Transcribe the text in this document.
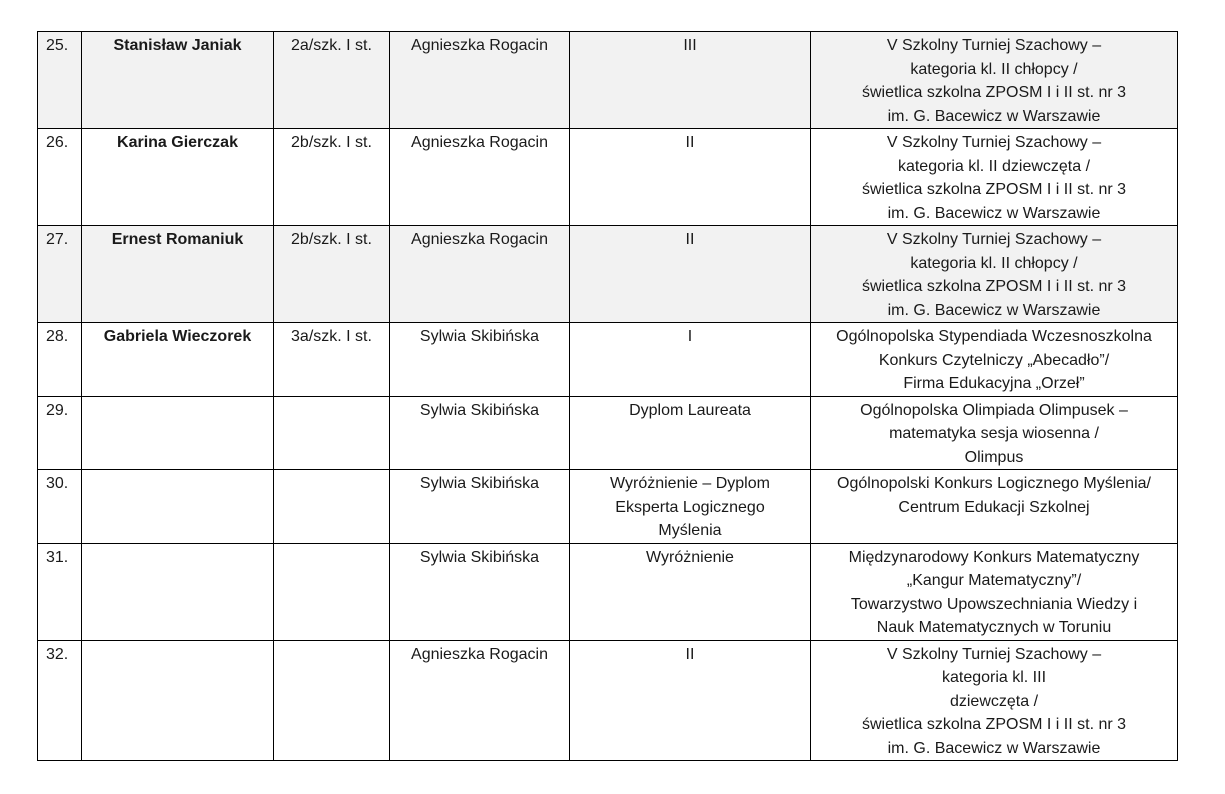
25.	Stanisław Janiak	2a/szk. I st.	Agnieszka Rogacin	III	V Szkolny Turniej Szachowy –
kategoria kl. II chłopcy /
świetlica szkolna ZPOSM I i II st. nr 3
im. G. Bacewicz w Warszawie
26.	Karina Gierczak	2b/szk. I st.	Agnieszka Rogacin	II	V Szkolny Turniej Szachowy –
kategoria kl. II dziewczęta /
świetlica szkolna ZPOSM I i II st. nr 3
im. G. Bacewicz w Warszawie
27.	Ernest Romaniuk	2b/szk. I st.	Agnieszka Rogacin	II	V Szkolny Turniej Szachowy –
kategoria kl. II chłopcy /
świetlica szkolna ZPOSM I i II st. nr 3
im. G. Bacewicz w Warszawie
28.	Gabriela Wieczorek	3a/szk. I st.	Sylwia Skibińska	I	Ogólnopolska Stypendiada Wczesnoszkolna
Konkurs Czytelniczy „Abecadło”/
Firma Edukacyjna „Orzeł”
29.			Sylwia Skibińska	Dyplom Laureata	Ogólnopolska Olimpiada Olimpusek –
matematyka sesja wiosenna /
Olimpus
30.			Sylwia Skibińska	Wyróżnienie – Dyplom
Eksperta Logicznego
Myślenia	Ogólnopolski Konkurs Logicznego Myślenia/
Centrum Edukacji Szkolnej
31.			Sylwia Skibińska	Wyróżnienie	Międzynarodowy Konkurs Matematyczny
„Kangur Matematyczny”/
Towarzystwo Upowszechniania Wiedzy i
Nauk Matematycznych w Toruniu
32.			Agnieszka Rogacin	II	V Szkolny Turniej Szachowy –
kategoria kl. III
dziewczęta /
świetlica szkolna ZPOSM I i II st. nr 3
im. G. Bacewicz w Warszawie
